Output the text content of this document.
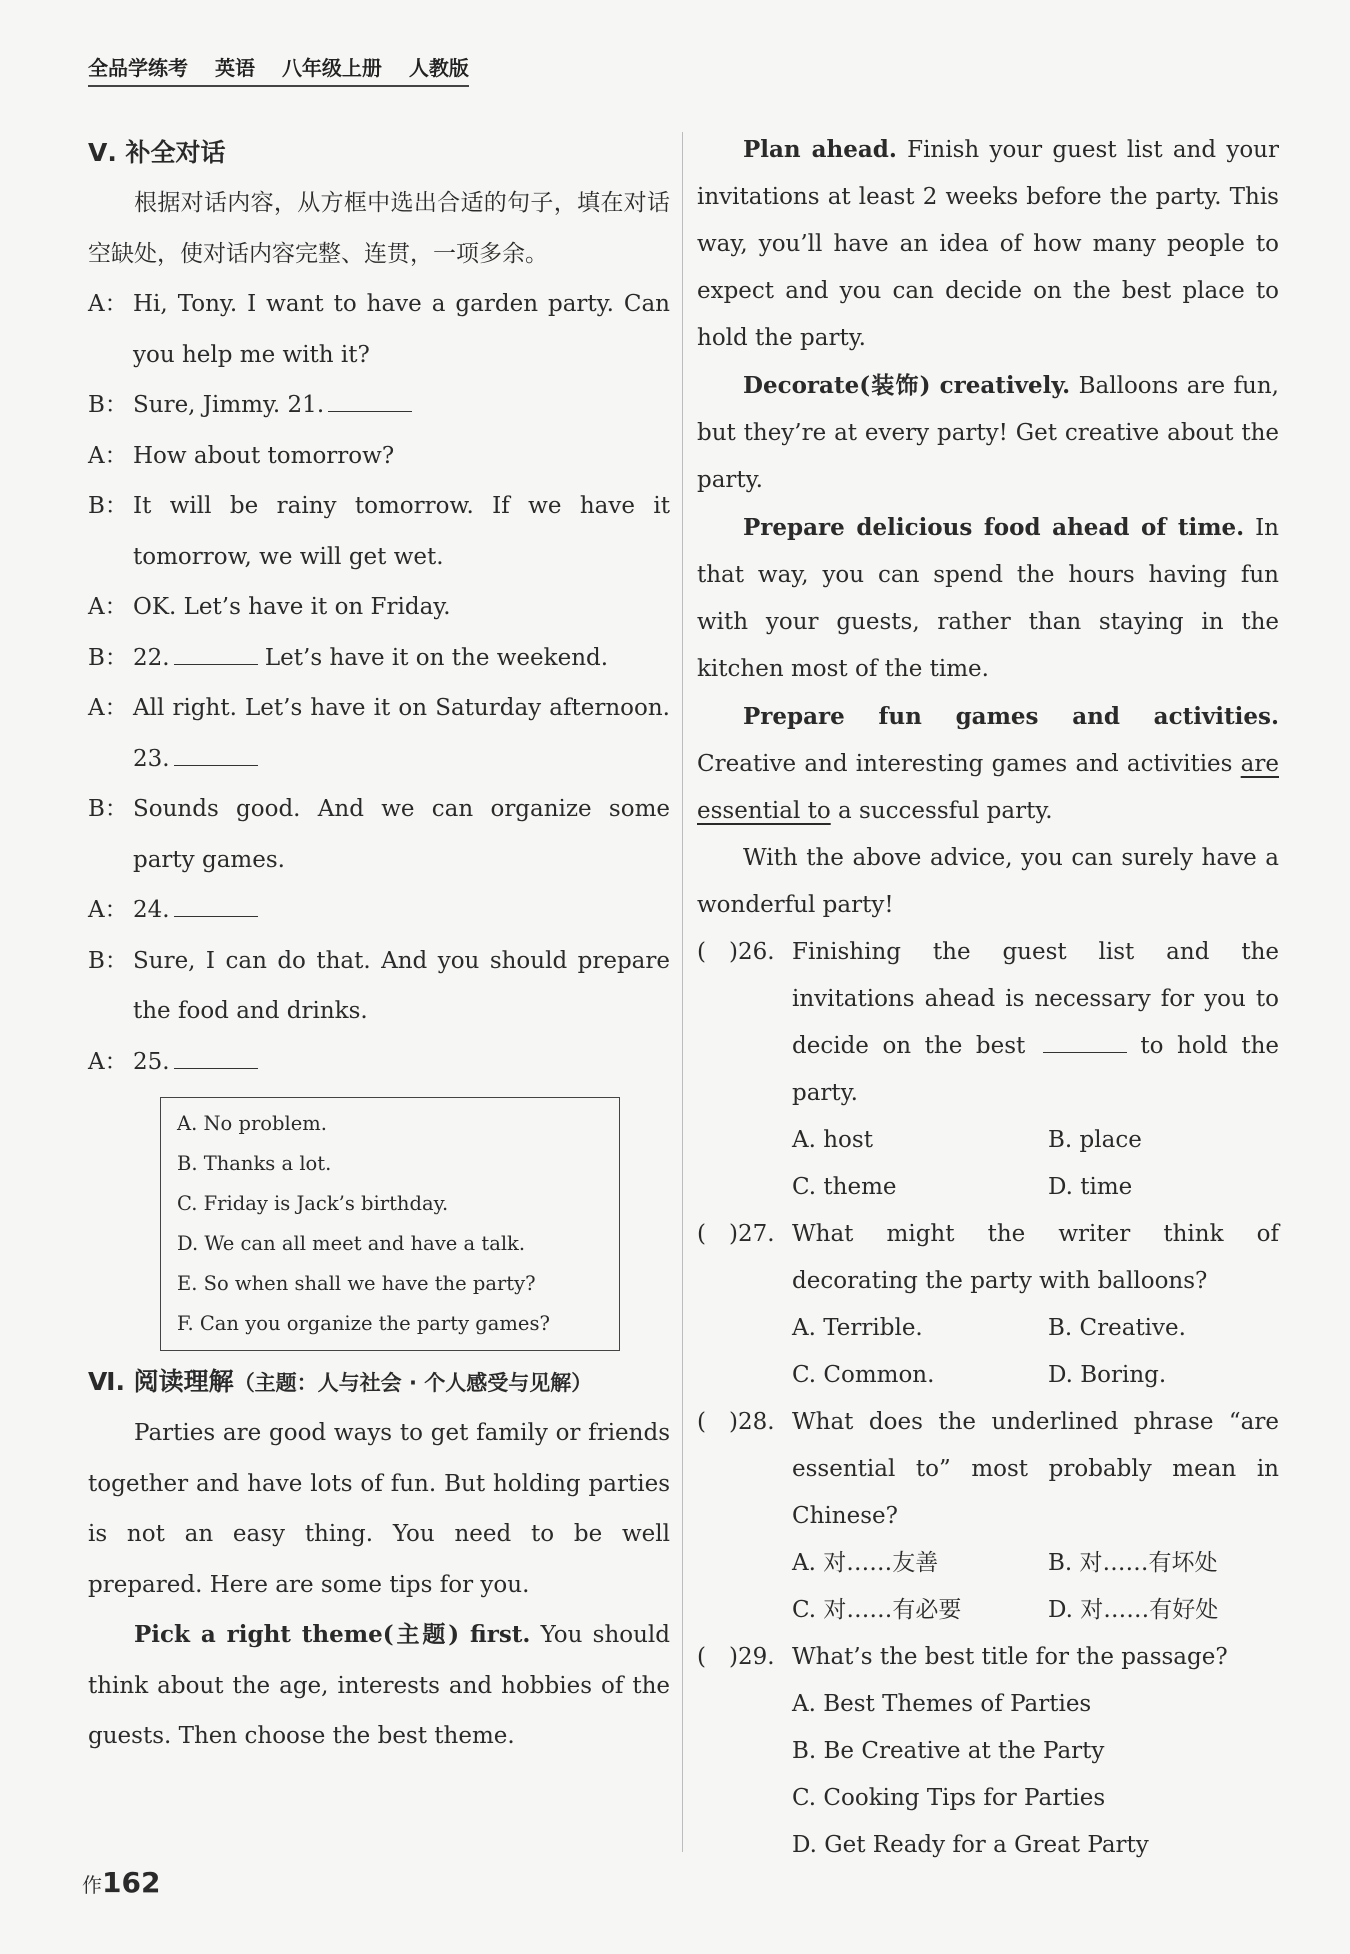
全品学练考 英语 八年级上册 人教版
Ⅴ. 补全对话

根据对话内容，从方框中选出合适的句子，填在对话空缺处，使对话内容完整、连贯，一项多余。

A： Hi, Tony. I want to have a garden party. Can you help me with it?
B： Sure, Jimmy. 21.
A： How about tomorrow?
B： It will be rainy tomorrow. If we have it tomorrow, we will get wet.
A： OK. Let’s have it on Friday.
B： 22.	Let’s have it on the weekend.
A： All right. Let’s have it on Saturday afternoon. 23.
B： Sounds good. And we can organize some party games.
A： 24.
B： Sure, I can do that. And you should prepare the food and drinks.
A： 25.
A. No problem.
B. Thanks a lot.
C. Friday is Jack’s birthday.
D. We can all meet and have a talk.
E. So when shall we have the party?
F. Can you organize the party games?
Ⅵ. 阅读理解（主题：人与社会 · 个人感受与见解）

Parties are good ways to get family or friends together and have lots of fun. But holding parties is not an easy thing. You need to be well prepared. Here are some tips for you.

Pick a right theme(主题) first. You should think about the age, interests and hobbies of the guests. Then choose the best theme.

Plan ahead. Finish your guest list and your invitations at least 2 weeks before the party. This way, you’ll have an idea of how many people to expect and you can decide on the best place to hold the party.

Decorate(装饰) creatively. Balloons are fun, but they’re at every party! Get creative about the party.

Prepare delicious food ahead of time. In that way, you can spend the hours having fun with your guests, rather than staying in the kitchen most of the time.

Prepare fun games and activities. Creative and interesting games and activities are essential to a successful party.

With the above advice, you can surely have a wonderful party!

(　)26. Finishing the guest list and the invitations ahead is necessary for you to decide on the best	to hold the party.
A. host	B. place
C. theme	D. time
(　)27. What might the writer think of decorating the party with balloons?
A. Terrible.	B. Creative.
C. Common.	D. Boring.
(　)28. What does the underlined phrase “are essential to” most probably mean in Chinese?
A. 对……友善	B. 对……有坏处
C. 对……有必要	D. 对……有好处
(　)29. What’s the best title for the passage?
A. Best Themes of Parties
B. Be Creative at the Party
C. Cooking Tips for Parties
D. Get Ready for a Great Party
作162
